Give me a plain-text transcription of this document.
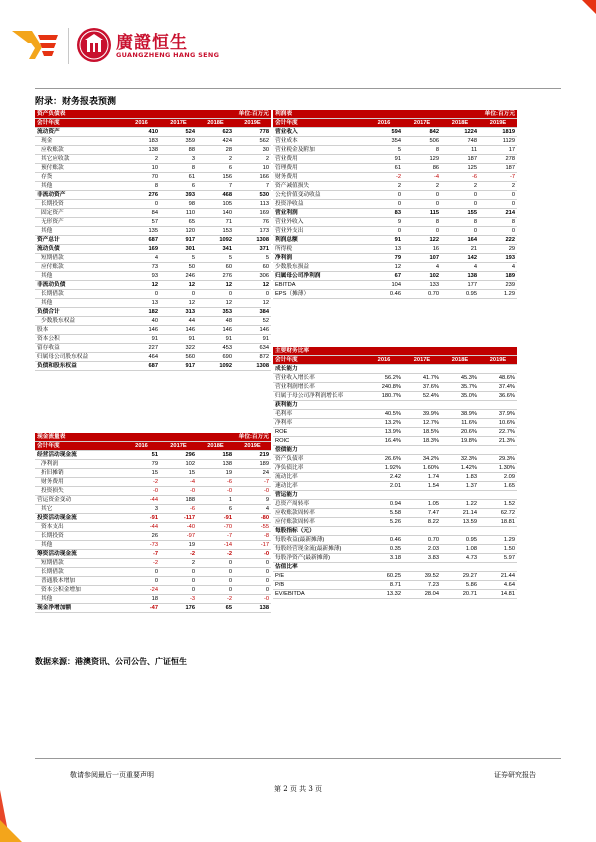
廣證恒生
GUANGZHENG HANG SENG
附录：财务报表预测
资产负债表			单位:百万元	
会计年度	2016	2017E	2018E	2019E
流动资产	410	524	623	778
现金	183	359	424	562
应收账款	138	88	28	30
其它应收款	2	3	2	2
预付账款	10	8	6	10
存货	70	61	156	166
其他	8	6	7	7
非流动资产	276	393	468	530
长期投资	0	98	105	113
固定资产	84	110	140	169
无形资产	57	65	71	76
其他	135	120	153	173
资产总计	687	917	1092	1308
流动负债	169	301	341	371
短期借款	4	5	5	5
应付账款	73	50	60	60
其他	93	246	276	306
非流动负债	12	12	12	12
长期借款	0	0	0	0
其他	13	12	12	12
负债合计	182	313	353	384
少数股东权益	40	44	48	52
股本	146	146	146	146
资本公积	91	91	91	91
留存收益	227	322	453	634
归属母公司股东权益	464	560	690	872
负债和股东权益	687	917	1092	1308
现金流量表			单位:百万元	
会计年度	2016	2017E	2018E	2019E
经营活动现金流	51	296	158	219
净利润	79	102	138	189
折旧摊销	15	15	19	24
财务费用	-2	-4	-6	-7
投资损失	-0	-0	-0	-0
营运资金变动	-44	188	1	9
其它	3	-6	6	4
投资活动现金流	-91	-117	-91	-80
资本支出	-44	-40	-70	-55
长期投资	26	-97	-7	-8
其他	-73	19	-14	-17
筹资活动现金流	-7	-2	-2	-0
短期借款	-2	2	0	0
长期借款	0	0	0	0
普通股本增加	0	0	0	0
资本公积金增加	-24	0	0	0
其他	18	-3	-2	-0
现金净增加额	-47	176	65	138
利润表			单位:百万元	
会计年度	2016	2017E	2018E	2019E
营业收入	594	842	1224	1819
营业成本	354	506	748	1129
营业税金及附加	5	8	11	17
营业费用	91	129	187	278
管理费用	61	86	125	187
财务费用	-2	-4	-6	-7
资产减值损失	2	2	2	2
公允价值变动收益	0	0	0	0
投资净收益	0	0	0	0
营业利润	83	115	155	214
营业外收入	9	8	8	8
营业外支出	0	0	0	0
利润总额	91	122	164	222
所得税	13	16	21	29
净利润	79	107	142	193
少数股东损益	12	4	4	4
归属母公司净利润	67	102	138	189
EBITDA	104	133	177	239
EPS（摊薄）	0.46	0.70	0.95	1.29
主要财务比率				
会计年度	2016	2017E	2018E	2019E
成长能力				
营业收入增长率	56.2%	41.7%	45.3%	48.6%
营业利润增长率	240.8%	37.6%	35.7%	37.4%
归属于母公司净利润增长率	180.7%	52.4%	35.0%	36.6%
获利能力				
毛利率	40.5%	39.9%	38.9%	37.9%
净利率	13.2%	12.7%	11.6%	10.6%
ROE	13.9%	18.5%	20.6%	22.7%
ROIC	16.4%	18.3%	19.8%	21.3%
偿债能力				
资产负债率	26.6%	34.2%	32.3%	29.3%
净负债比率	1.92%	1.60%	1.42%	1.30%
流动比率	2.42	1.74	1.83	2.09
速动比率	2.01	1.54	1.37	1.65
营运能力				
总资产周转率	0.94	1.05	1.22	1.52
应收账款周转率	5.58	7.47	21.14	62.72
应付账款周转率	5.26	8.22	13.59	18.81
每股指标（元）				
每股收益(最新摊薄)	0.46	0.70	0.95	1.29
每股经营现金流(最新摊薄)	0.35	2.03	1.08	1.50
每股净资产(最新摊薄)	3.18	3.83	4.73	5.97
估值比率				
P/E	60.25	39.52	29.27	21.44
P/B	8.71	7.23	5.86	4.64
EV/EBITDA	13.32	28.04	20.71	14.81
数据来源：港澳资讯、公司公告、广证恒生
敬请参阅最后一页重要声明	证券研究报告
第 2 页 共 3 页
